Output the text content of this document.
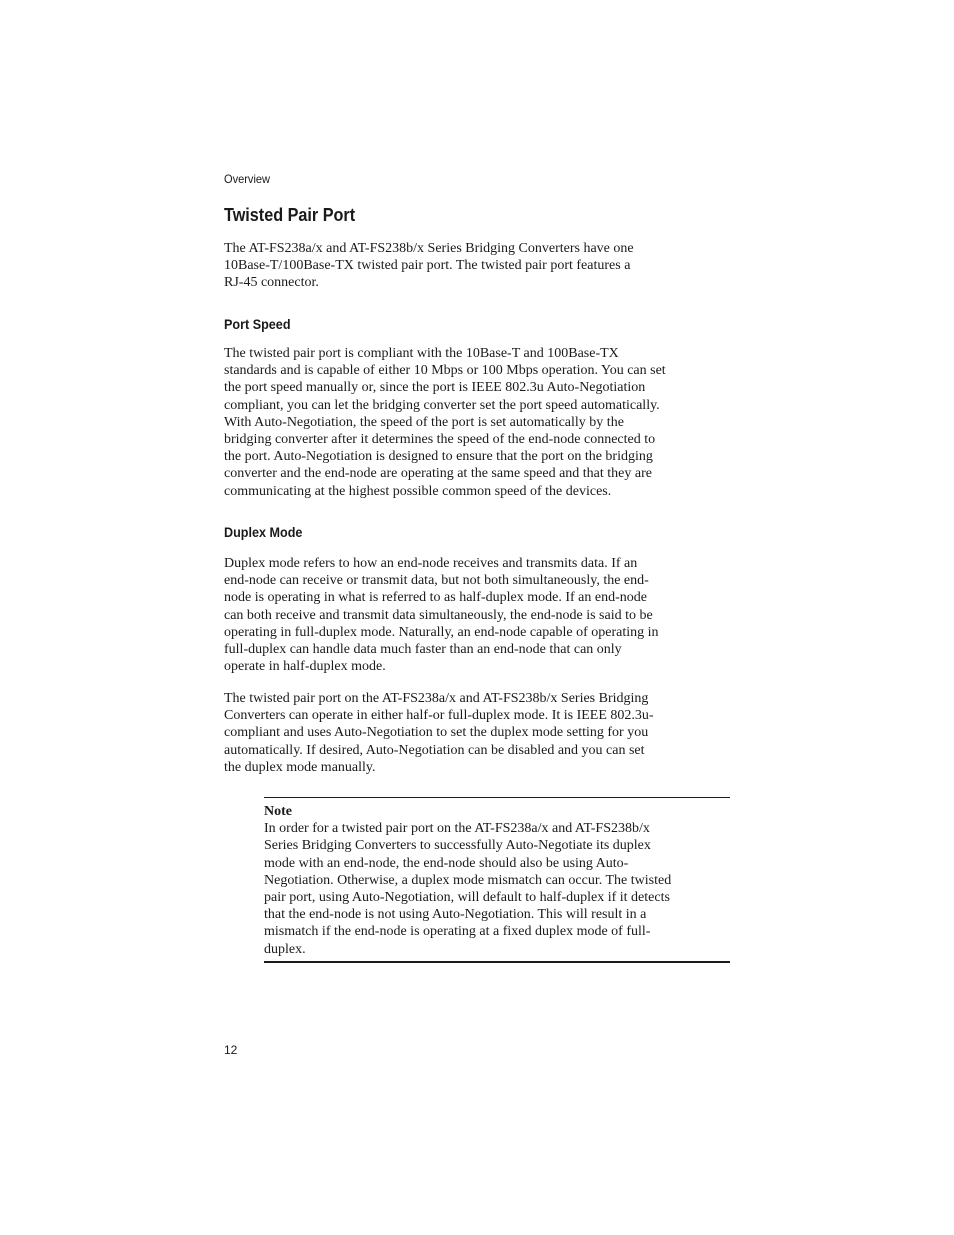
Overview
Twisted Pair Port

The AT-FS238a/x and AT-FS238b/x Series Bridging Converters have one
10Base-T/100Base-TX twisted pair port. The twisted pair port features a
RJ-45 connector.

Port Speed

The twisted pair port is compliant with the 10Base-T and 100Base-TX
standards and is capable of either 10 Mbps or 100 Mbps operation. You can set
the port speed manually or, since the port is IEEE 802.3u Auto-Negotiation
compliant, you can let the bridging converter set the port speed automatically.
With Auto-Negotiation, the speed of the port is set automatically by the
bridging converter after it determines the speed of the end-node connected to
the port. Auto-Negotiation is designed to ensure that the port on the bridging
converter and the end-node are operating at the same speed and that they are
communicating at the highest possible common speed of the devices.

Duplex Mode

Duplex mode refers to how an end-node receives and transmits data. If an
end-node can receive or transmit data, but not both simultaneously, the end-
node is operating in what is referred to as half-duplex mode. If an end-node
can both receive and transmit data simultaneously, the end-node is said to be
operating in full-duplex mode. Naturally, an end-node capable of operating in
full-duplex can handle data much faster than an end-node that can only
operate in half-duplex mode.

The twisted pair port on the AT-FS238a/x and AT-FS238b/x Series Bridging
Converters can operate in either half-or full-duplex mode. It is IEEE 802.3u-
compliant and uses Auto-Negotiation to set the duplex mode setting for you
automatically. If desired, Auto-Negotiation can be disabled and you can set
the duplex mode manually.

Note
In order for a twisted pair port on the AT-FS238a/x and AT-FS238b/x
Series Bridging Converters to successfully Auto-Negotiate its duplex
mode with an end-node, the end-node should also be using Auto-
Negotiation. Otherwise, a duplex mode mismatch can occur. The twisted
pair port, using Auto-Negotiation, will default to half-duplex if it detects
that the end-node is not using Auto-Negotiation. This will result in a
mismatch if the end-node is operating at a fixed duplex mode of full-
duplex.
12
